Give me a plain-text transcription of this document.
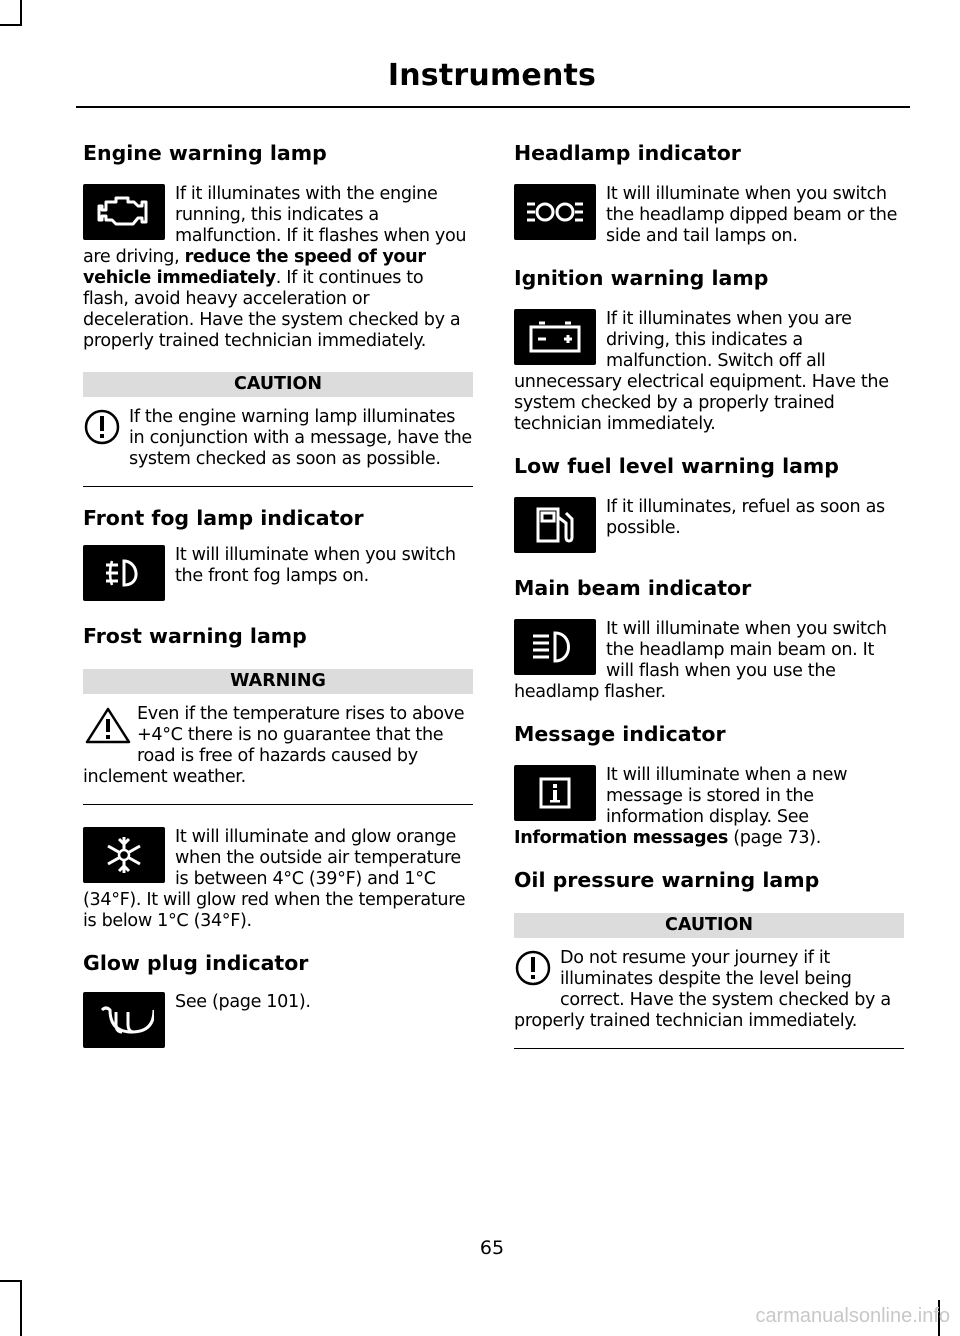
Instruments
Engine warning lamp

If it illuminates with the engine running, this indicates a malfunction. If it flashes when you are driving, reduce the speed of your vehicle immediately. If it continues to flash, avoid heavy acceleration or deceleration. Have the system checked by a properly trained technician immediately.

CAUTION

If the engine warning lamp illuminates in conjunction with a message, have the system checked as soon as possible.

Front fog lamp indicator

It will illuminate when you switch the front fog lamps on.

Frost warning lamp
WARNING

Even if the temperature rises to above +4°C there is no guarantee that the road is free of hazards caused by inclement weather.

It will illuminate and glow orange when the outside air temperature is between 4°C (39°F) and 1°C (34°F). It will glow red when the temperature is below 1°C (34°F).

Glow plug indicator

See (page 101).

Headlamp indicator

It will illuminate when you switch the headlamp dipped beam or the side and tail lamps on.

Ignition warning lamp

If it illuminates when you are driving, this indicates a malfunction. Switch off all unnecessary electrical equipment. Have the system checked by a properly trained technician immediately.

Low fuel level warning lamp

If it illuminates, refuel as soon as possible.

Main beam indicator

It will illuminate when you switch the headlamp main beam on. It will flash when you use the headlamp flasher.

Message indicator

It will illuminate when a new message is stored in the information display. See Information messages (page 73).

Oil pressure warning lamp
CAUTION

Do not resume your journey if it illuminates despite the level being correct. Have the system checked by a properly trained technician immediately.

65
carmanualsonline.info
